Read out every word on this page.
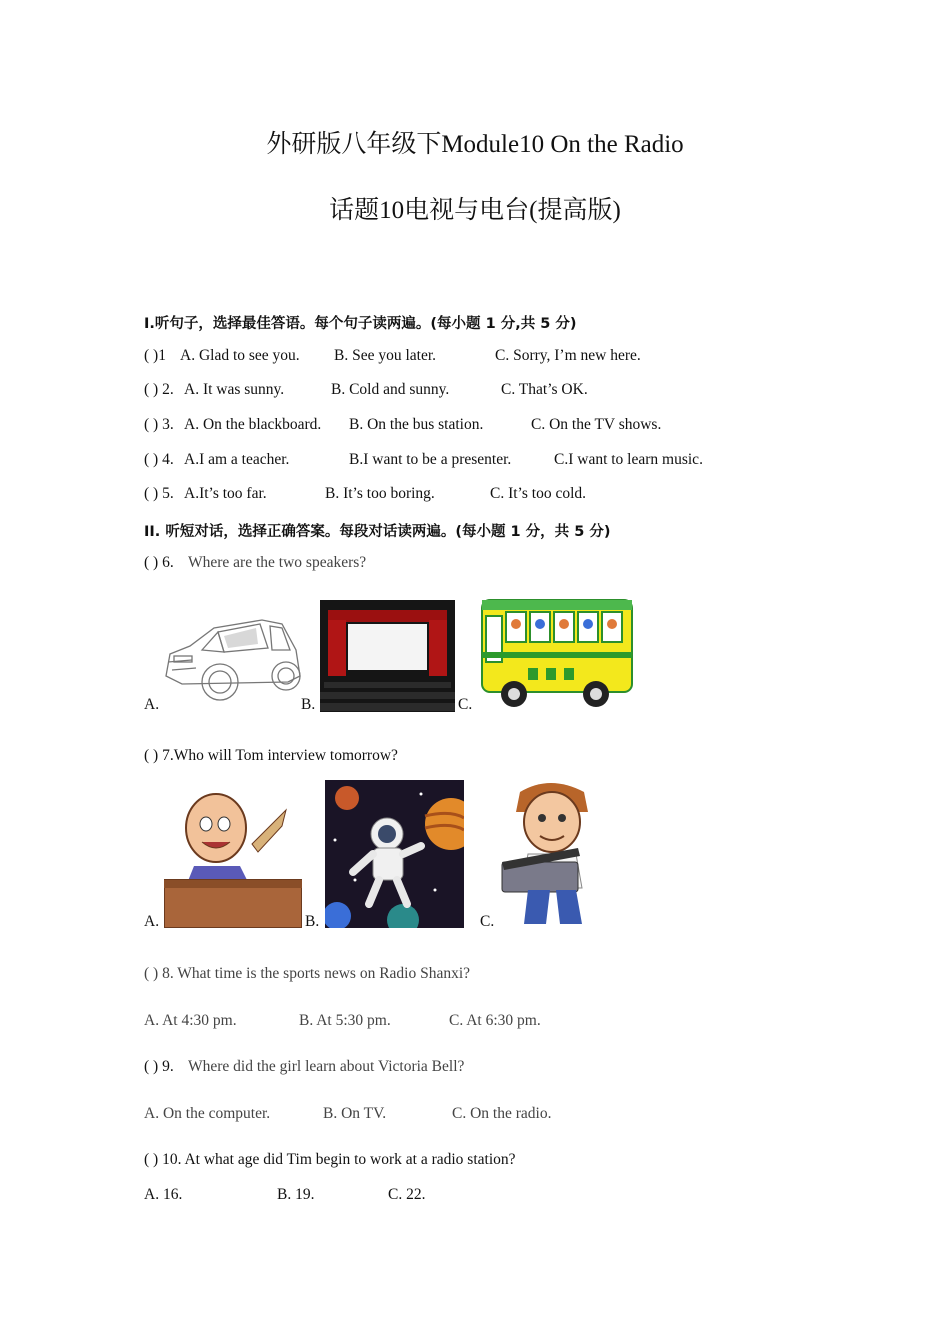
外研版八年级下Module10 On the Radio
话题10电视与电台(提高版)
I.听句子，选择最佳答语。每个句子读两遍。(每小题 1 分,共 5 分)
( )1 A. Glad to see you. B. See you later.	C. Sorry, I’m new here.
( ) 2. A. It was sunny.	B. Cold and sunny.	C. That’s OK.
( ) 3. A. On the blackboard. B. On the bus station.	C. On the TV shows.
( ) 4. A.I am a teacher.	B.I want to be a presenter.	C.I want to learn music.
( ) 5. A.It’s too far.	B. It’s too boring.	C. It’s too cold.
II. 听短对话，选择正确答案。每段对话读两遍。(每小题 1 分，共 5 分)
( ) 6. Where are the two speakers?
A.	B.	C.
( ) 7.Who will Tom interview tomorrow?
A.	B.	C.
( ) 8. What time is the sports news on Radio Shanxi?
A. At 4:30 pm.	B. At 5:30 pm.	C. At 6:30 pm.
( ) 9. Where did the girl learn about Victoria Bell?
A. On the computer.	B. On TV.	C. On the radio.
( ) 10. At what age did Tim begin to work at a radio station?
A. 16.	B. 19.	C. 22.
